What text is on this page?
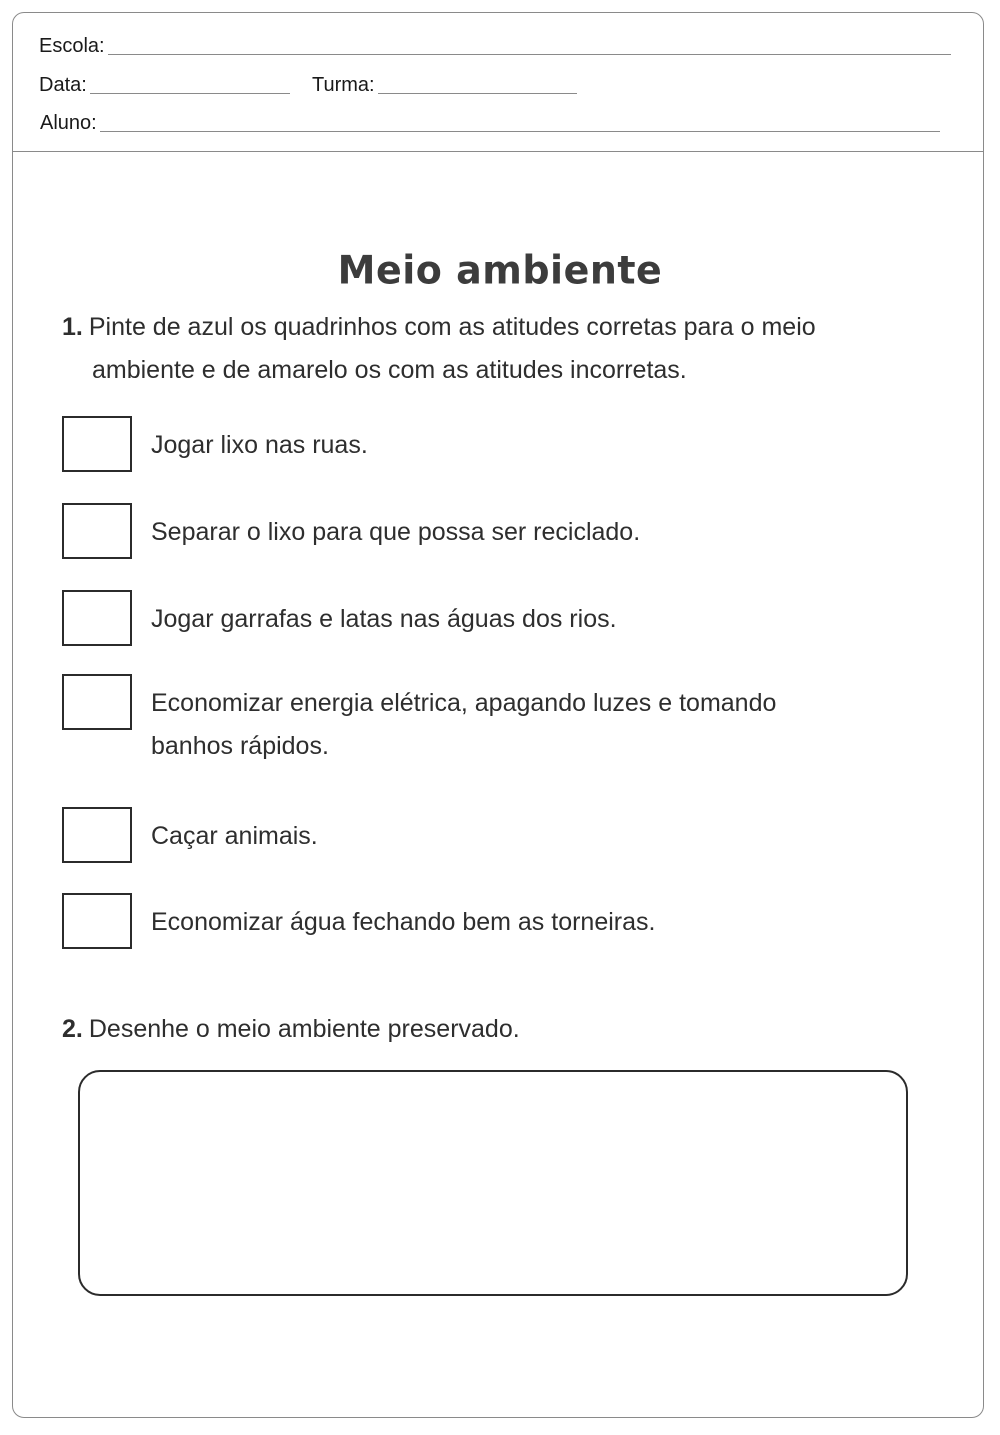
Escola:
Data:	Turma:
Aluno:
Meio ambiente
1. Pinte de azul os quadrinhos com as atitudes corretas para o meio
ambiente e de amarelo os com as atitudes incorretas.
Jogar lixo nas ruas.
Separar o lixo para que possa ser reciclado.
Jogar garrafas e latas nas águas dos rios.
Economizar energia elétrica, apagando luzes e tomando banhos rápidos.
Caçar animais.
Economizar água fechando bem as torneiras.
2. Desenhe o meio ambiente preservado.
